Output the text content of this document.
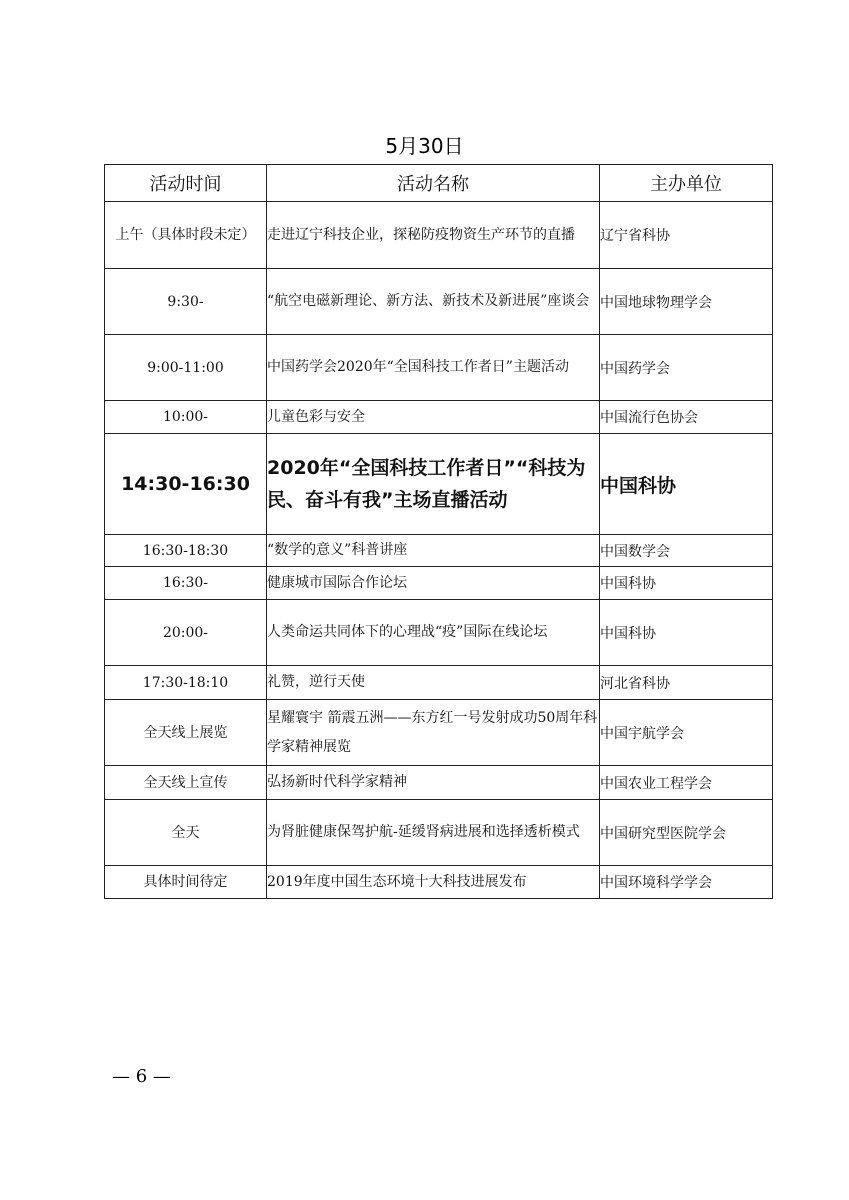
5月30日
活动时间	活动名称	主办单位
上午（具体时段未定）	走进辽宁科技企业，探秘防疫物资生产环节的直播	辽宁省科协
9:30-	“航空电磁新理论、新方法、新技术及新进展”座谈会	中国地球物理学会
9:00-11:00	中国药学会2020年“全国科技工作者日”主题活动	中国药学会
10:00-	儿童色彩与安全	中国流行色协会
14:30-16:30	2020年“全国科技工作者日”“科技为民、奋斗有我”主场直播活动	中国科协
16:30-18:30	“数学的意义”科普讲座	中国数学会
16:30-	健康城市国际合作论坛	中国科协
20:00-	人类命运共同体下的心理战“疫”国际在线论坛	中国科协
17:30-18:10	礼赞，逆行天使	河北省科协
全天线上展览	星耀寰宇 箭震五洲——东方红一号发射成功50周年科学家精神展览	中国宇航学会
全天线上宣传	弘扬新时代科学家精神	中国农业工程学会
全天	为肾脏健康保驾护航-延缓肾病进展和选择透析模式	中国研究型医院学会
具体时间待定	2019年度中国生态环境十大科技进展发布	中国环境科学学会
— 6 —
